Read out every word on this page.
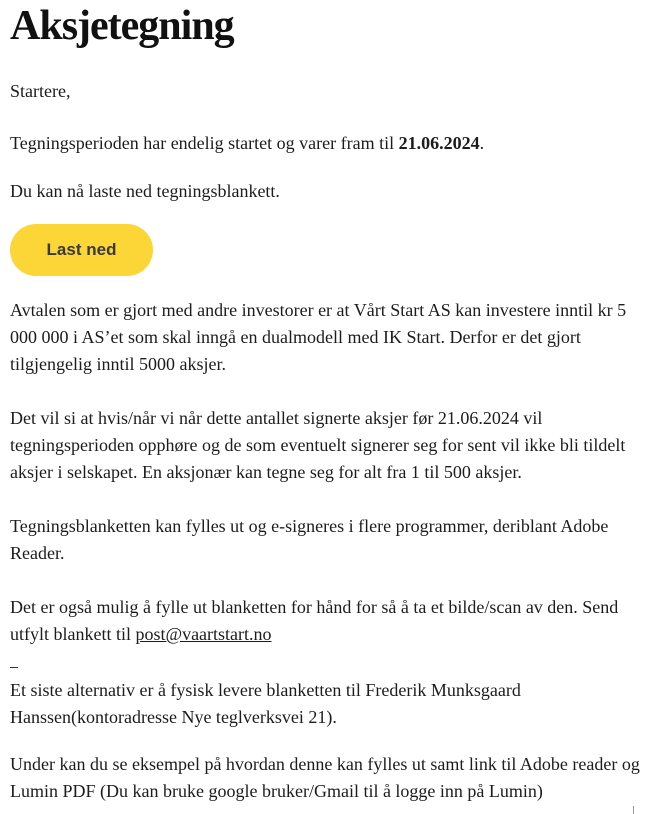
Aksjetegning

Startere,

Tegningsperioden har endelig startet og varer fram til 21.06.2024.

Du kan nå laste ned tegningsblankett.

Last ned

Avtalen som er gjort med andre investorer er at Vårt Start AS kan investere inntil kr 5 000 000 i AS’et som skal inngå en dualmodell med IK Start. Derfor er det gjort tilgjengelig inntil 5000 aksjer.

Det vil si at hvis/når vi når dette antallet signerte aksjer før 21.06.2024 vil tegningsperioden opphøre og de som eventuelt signerer seg for sent vil ikke bli tildelt aksjer i selskapet. En aksjonær kan tegne seg for alt fra 1 til 500 aksjer.

Tegningsblanketten kan fylles ut og e-signeres i flere programmer, deriblant Adobe Reader.

Det er også mulig å fylle ut blanketten for hånd for så å ta et bilde/scan av den. Send utfylt blankett til post@vaartstart.no

Et siste alternativ er å fysisk levere blanketten til Frederik Munksgaard Hanssen(kontoradresse Nye teglverksvei 21).

Under kan du se eksempel på hvordan denne kan fylles ut samt link til Adobe reader og Lumin PDF (Du kan bruke google bruker/Gmail til å logge inn på Lumin)
